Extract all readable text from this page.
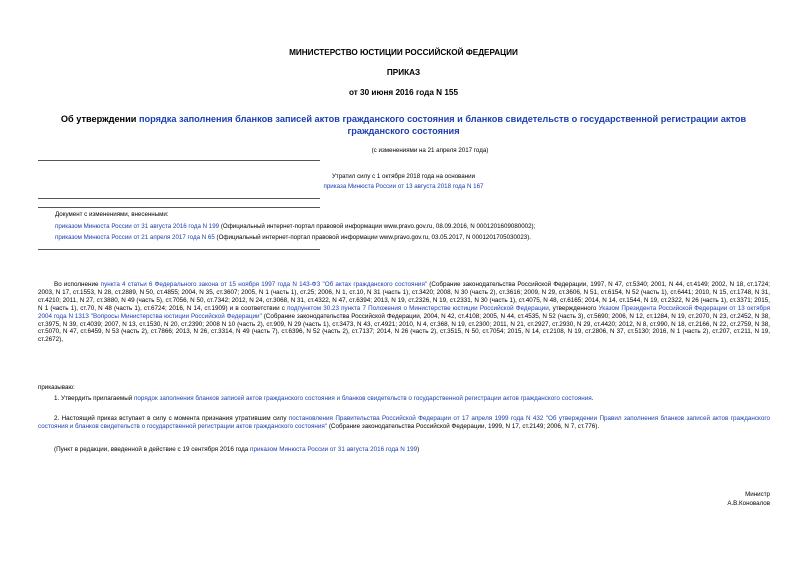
МИНИСТЕРСТВО ЮСТИЦИИ РОССИЙСКОЙ ФЕДЕРАЦИИ
ПРИКАЗ
от 30 июня 2016 года N 155
Об утверждении порядка заполнения бланков записей актов гражданского состояния и бланков свидетельств о государственной регистрации актов гражданского состояния
(с изменениями на 21 апреля 2017 года)
Утратил силу с 1 октября 2018 года на основании
приказа Минюста России от 13 августа 2018 года N 167
Документ с изменениями, внесенными:
приказом Минюста России от 31 августа 2016 года N 199 (Официальный интернет-портал правовой информации www.pravo.gov.ru, 08.09.2016, N 0001201609080002);
приказом Минюста России от 21 апреля 2017 года N 65 (Официальный интернет-портал правовой информации www.pravo.gov.ru, 03.05.2017, N 0001201705030023).
Во исполнение пункта 4 статьи 6 Федерального закона от 15 ноября 1997 года N 143-ФЗ "Об актах гражданского состояния" (Собрание законодательства Российской Федерации, 1997, N 47, ст.5340; 2001, N 44, ст.4149; 2002, N 18, ст.1724; 2003, N 17, ст.1553, N 28, ст.2889, N 50, ст.4855; 2004, N 35, ст.3607; 2005, N 1 (часть 1), ст.25; 2006, N 1, ст.10, N 31 (часть 1), ст.3420; 2008, N 30 (часть 2), ст.3616; 2009, N 29, ст.3606, N 51, ст.6154, N 52 (часть 1), ст.6441; 2010, N 15, ст.1748, N 31, ст.4210; 2011, N 27, ст.3880, N 49 (часть 5), ст.7056, N 50, ст.7342; 2012, N 24, ст.3068, N 31, ст.4322, N 47, ст.6394; 2013, N 19, ст.2326, N 19, ст.2331, N 30 (часть 1), ст.4075, N 48, ст.6165; 2014, N 14, ст.1544, N 19, ст.2322, N 26 (часть 1), ст.3371; 2015, N 1 (часть 1), ст.70, N 48 (часть 1), ст.6724; 2016, N 14, ст.1909) и в соответствии с подпунктом 30.23 пункта 7 Положения о Министерстве юстиции Российской Федерации, утвержденного Указом Президента Российской Федерации от 13 октября 2004 года N 1313 "Вопросы Министерства юстиции Российской Федерации" (Собрание законодательства Российской Федерации, 2004, N 42, ст.4108; 2005, N 44, ст.4535, N 52 (часть 3), ст.5690; 2006, N 12, ст.1284, N 19, ст.2070, N 23, ст.2452, N 38, ст.3975, N 39, ст.4039; 2007, N 13, ст.1530, N 20, ст.2390; 2008 N 10 (часть 2), ст.909, N 29 (часть 1), ст.3473, N 43, ст.4921; 2010, N 4, ст.368, N 19, ст.2300; 2011, N 21, ст.2927, ст.2930, N 29, ст.4420; 2012, N 8, ст.990, N 18, ст.2166, N 22, ст.2759, N 38, ст.5070, N 47, ст.6459, N 53 (часть 2), ст.7866; 2013, N 26, ст.3314, N 49 (часть 7), ст.6396, N 52 (часть 2), ст.7137; 2014, N 26 (часть 2), ст.3515, N 50, ст.7054; 2015, N 14, ст.2108, N 19, ст.2806, N 37, ст.5130; 2016, N 1 (часть 2), ст.207, ст.211, N 19, ст.2672),
приказываю:
1. Утвердить прилагаемый порядок заполнения бланков записей актов гражданского состояния и бланков свидетельств о государственной регистрации актов гражданского состояния.
2. Настоящий приказ вступает в силу с момента признания утратившим силу постановления Правительства Российской Федерации от 17 апреля 1999 года N 432 "Об утверждении Правил заполнения бланков записей актов гражданского состояния и бланков свидетельств о государственной регистрации актов гражданского состояния" (Собрание законодательства Российской Федерации, 1999, N 17, ст.2149; 2006, N 7, ст.776).
(Пункт в редакции, введенной в действие с 19 сентября 2016 года приказом Минюста России от 31 августа 2016 года N 199)
Министр
А.В.Коновалов
